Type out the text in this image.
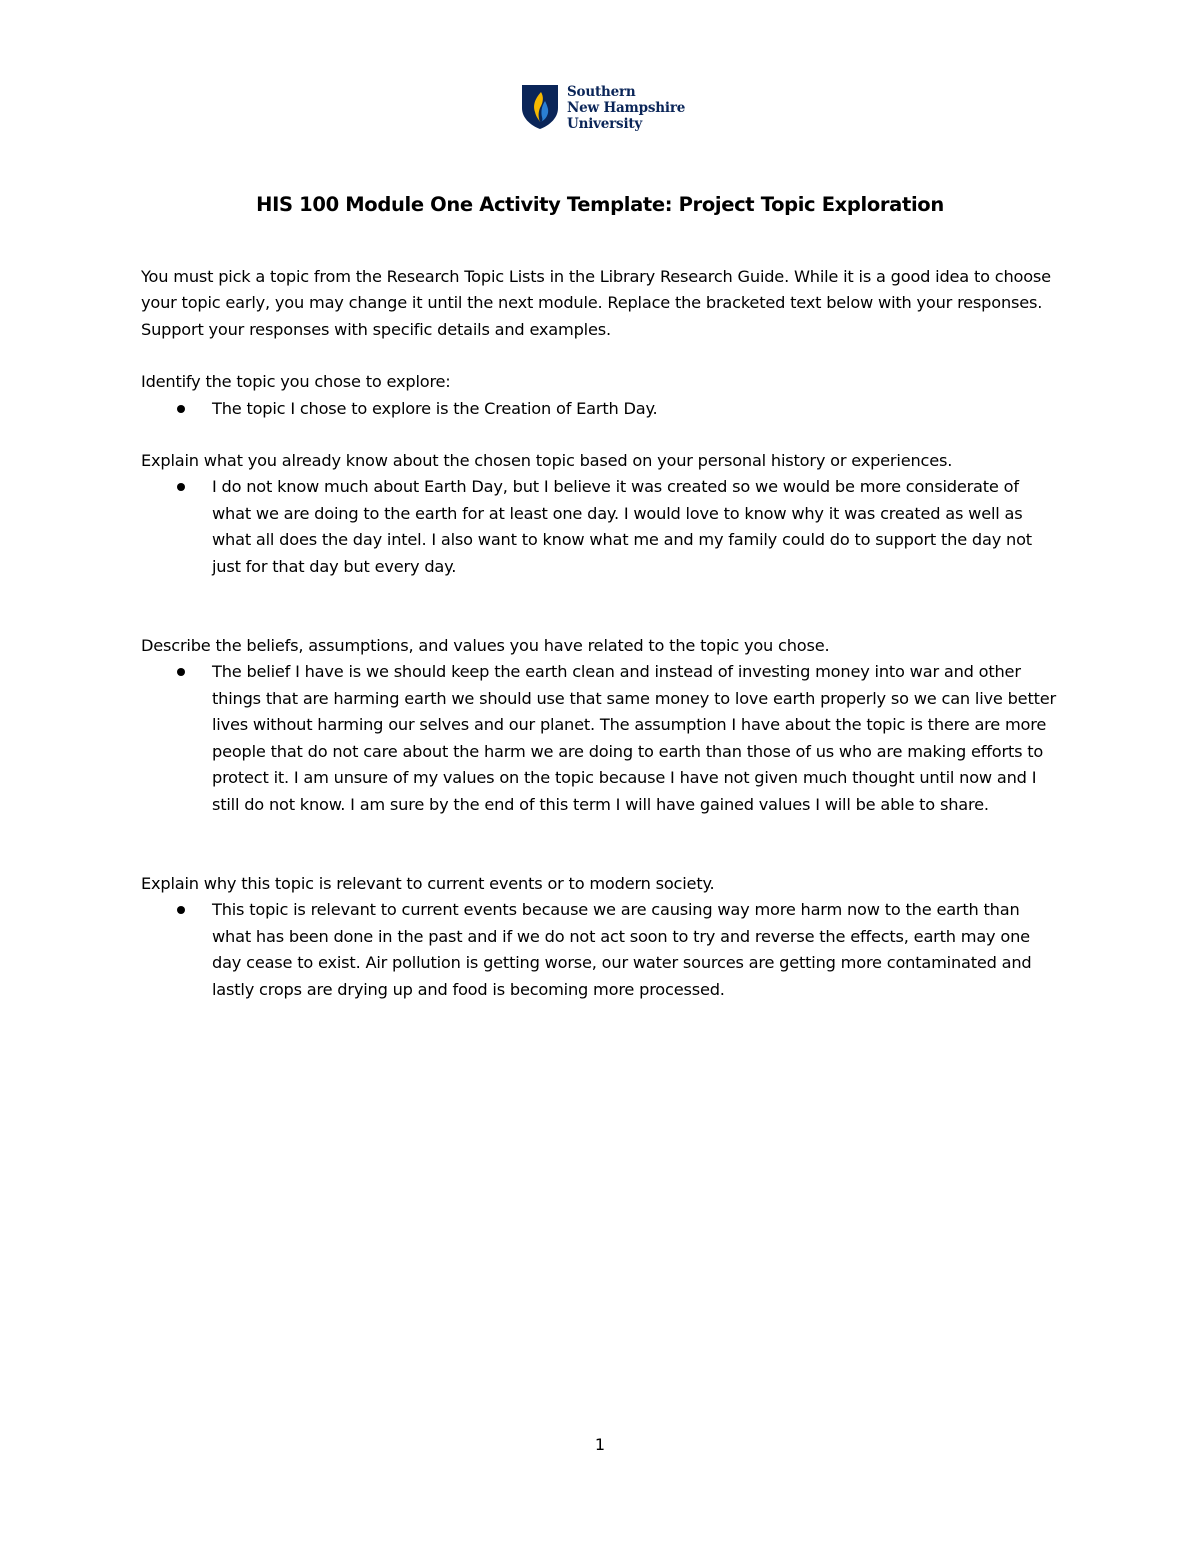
Southern
New Hampshire
University
HIS 100 Module One Activity Template: Project Topic Exploration

You must pick a topic from the Research Topic Lists in the Library Research Guide. While it is a good idea to choose your topic early, you may change it until the next module. Replace the bracketed text below with your responses. Support your responses with specific details and examples.

Identify the topic you chose to explore:

The topic I chose to explore is the Creation of Earth Day.

Explain what you already know about the chosen topic based on your personal history or experiences.

I do not know much about Earth Day, but I believe it was created so we would be more considerate of what we are doing to the earth for at least one day. I would love to know why it was created as well as what all does the day intel. I also want to know what me and my family could do to support the day not just for that day but every day.

Describe the beliefs, assumptions, and values you have related to the topic you chose.

The belief I have is we should keep the earth clean and instead of investing money into war and other things that are harming earth we should use that same money to love earth properly so we can live better lives without harming our selves and our planet. The assumption I have about the topic is there are more people that do not care about the harm we are doing to earth than those of us who are making efforts to protect it. I am unsure of my values on the topic because I have not given much thought until now and I still do not know. I am sure by the end of this term I will have gained values I will be able to share.

Explain why this topic is relevant to current events or to modern society.

This topic is relevant to current events because we are causing way more harm now to the earth than what has been done in the past and if we do not act soon to try and reverse the effects, earth may one day cease to exist. Air pollution is getting worse, our water sources are getting more contaminated and lastly crops are drying up and food is becoming more processed.
1
